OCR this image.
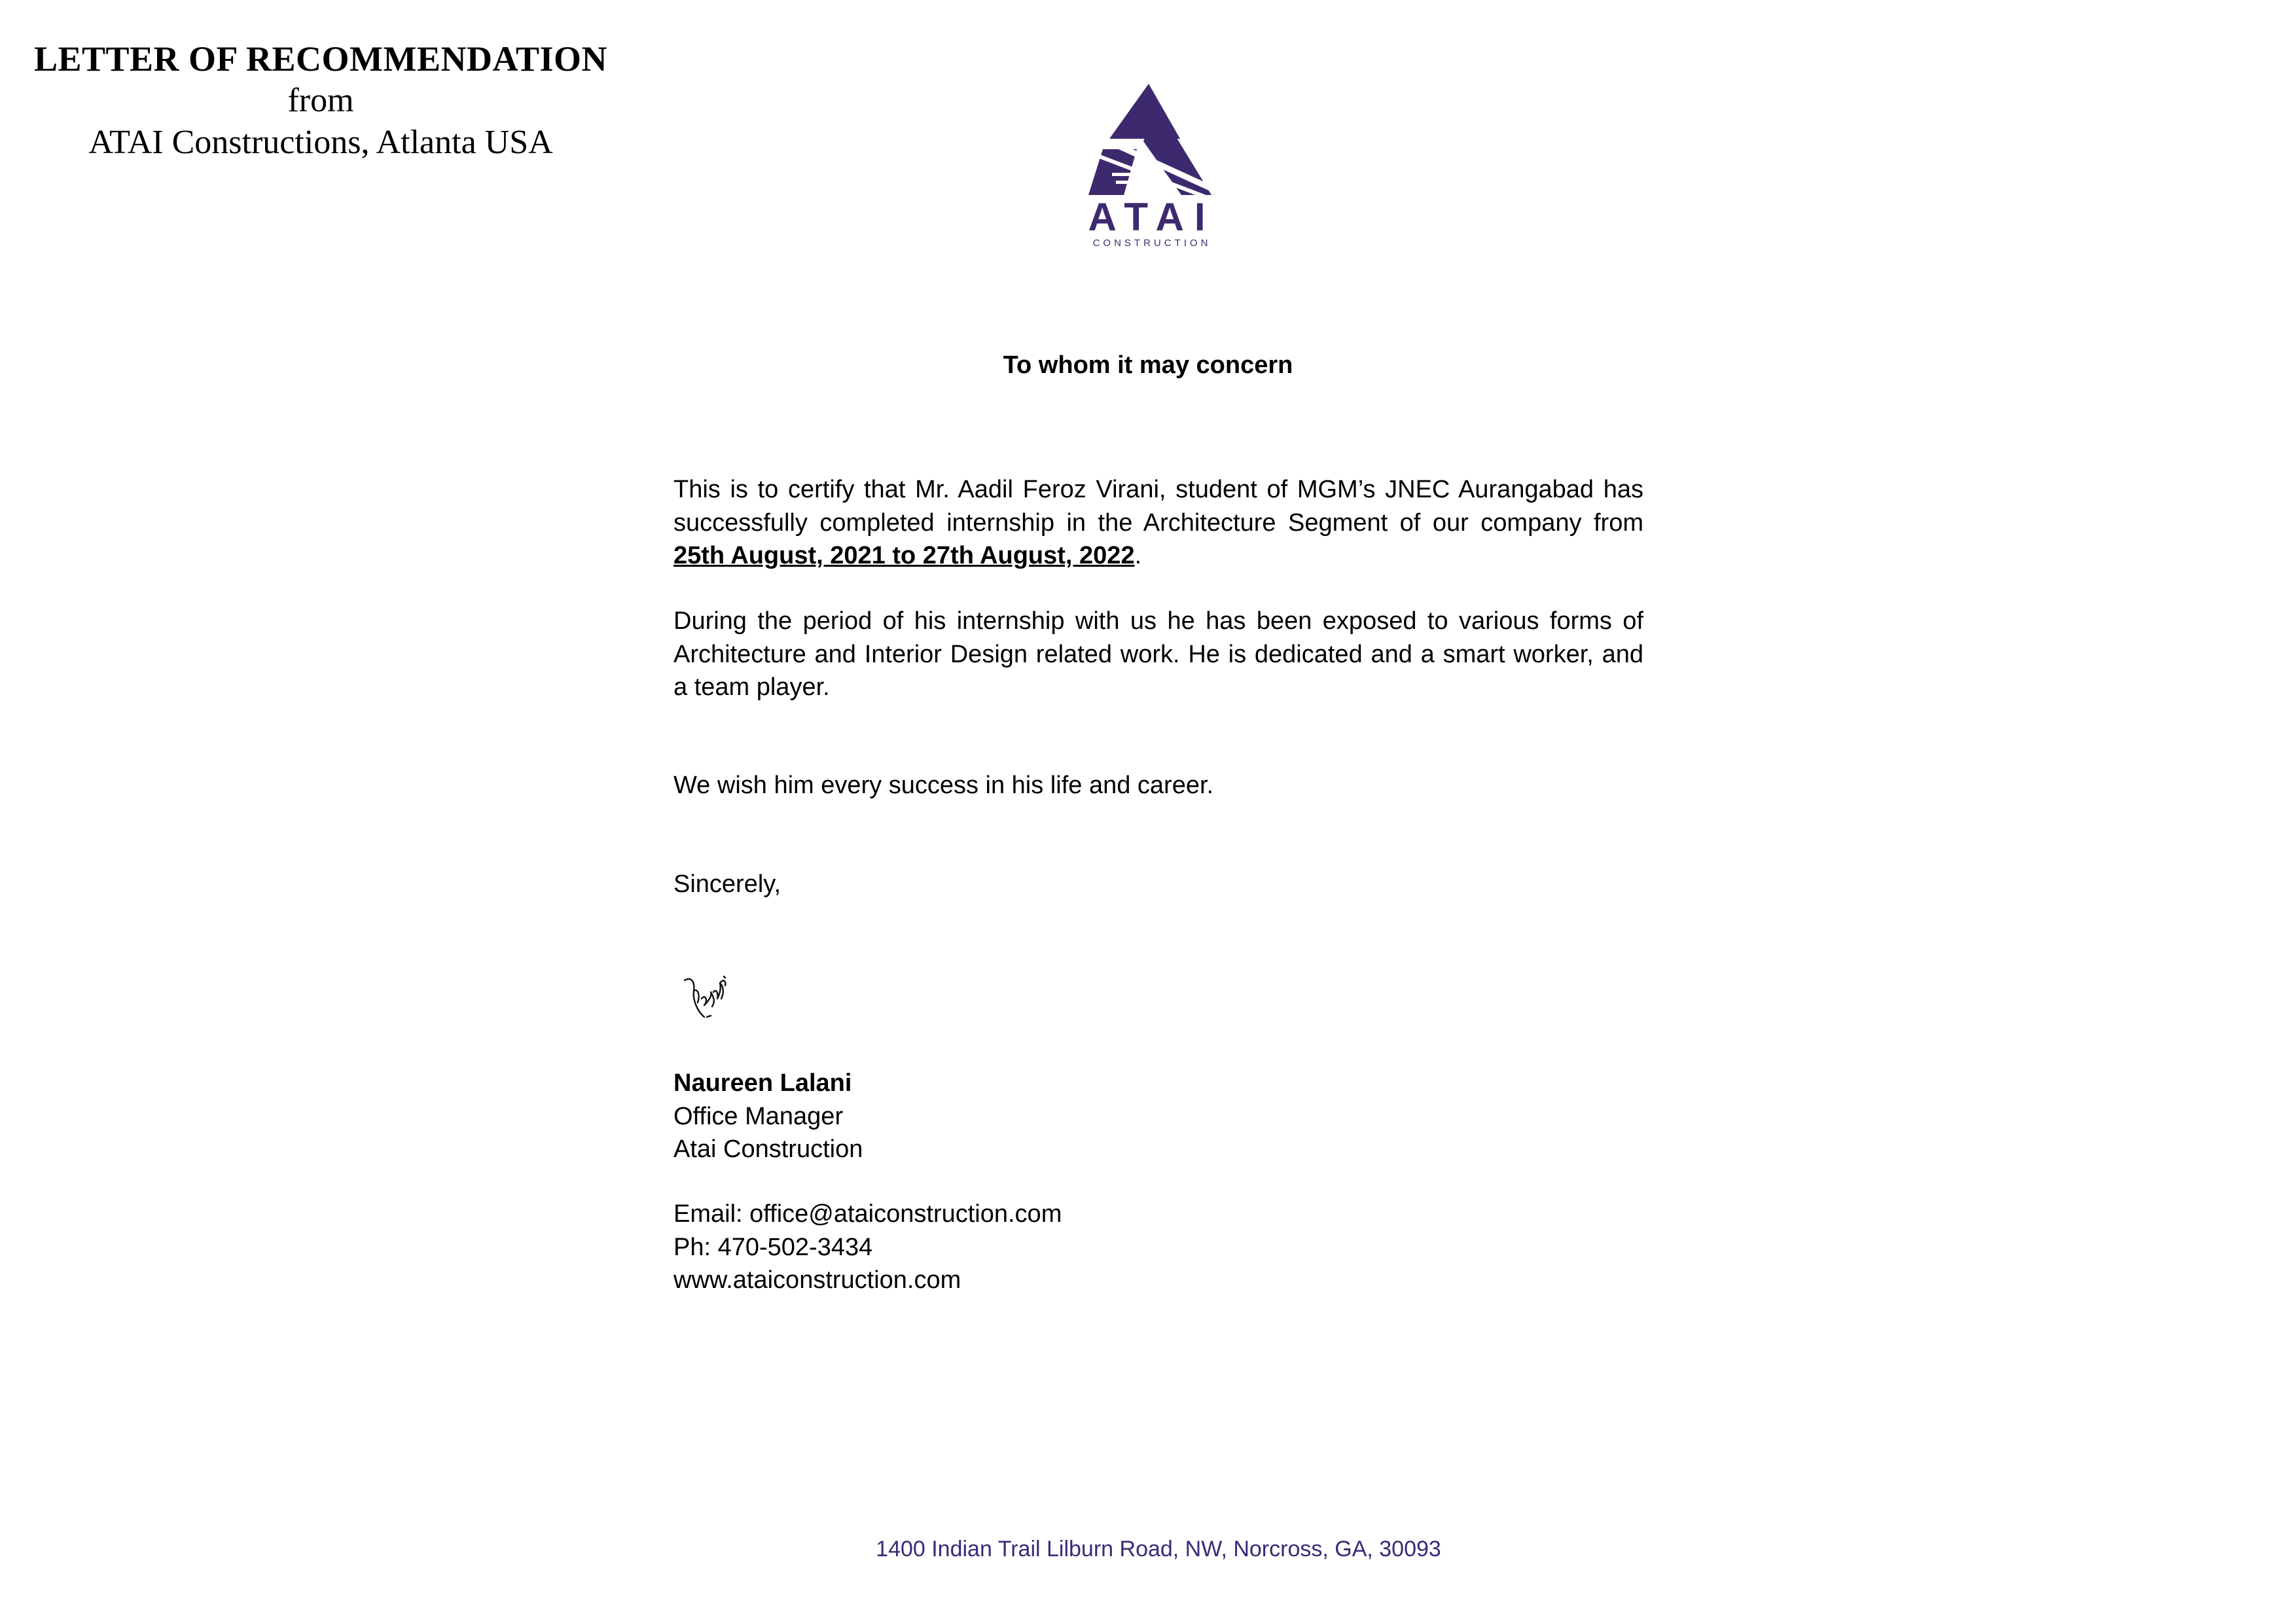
LETTER OF RECOMMENDATION
from
ATAI Constructions, Atlanta USA
ATAI
CONSTRUCTION
To whom it may concern
This is to certify that Mr. Aadil Feroz Virani, student of MGM’s JNEC Aurangabad has successfully completed internship in the Architecture Segment of our company from 25th August, 2021 to 27th August, 2022.
During the period of his internship with us he has been exposed to various forms of Architecture and Interior Design related work. He is dedicated and a smart worker, and a team player.
We wish him every success in his life and career.
Sincerely,
Naureen Lalani
Office Manager
Atai Construction
Email: office@ataiconstruction.com
Ph: 470-502-3434
www.ataiconstruction.com
1400 Indian Trail Lilburn Road, NW, Norcross, GA, 30093
